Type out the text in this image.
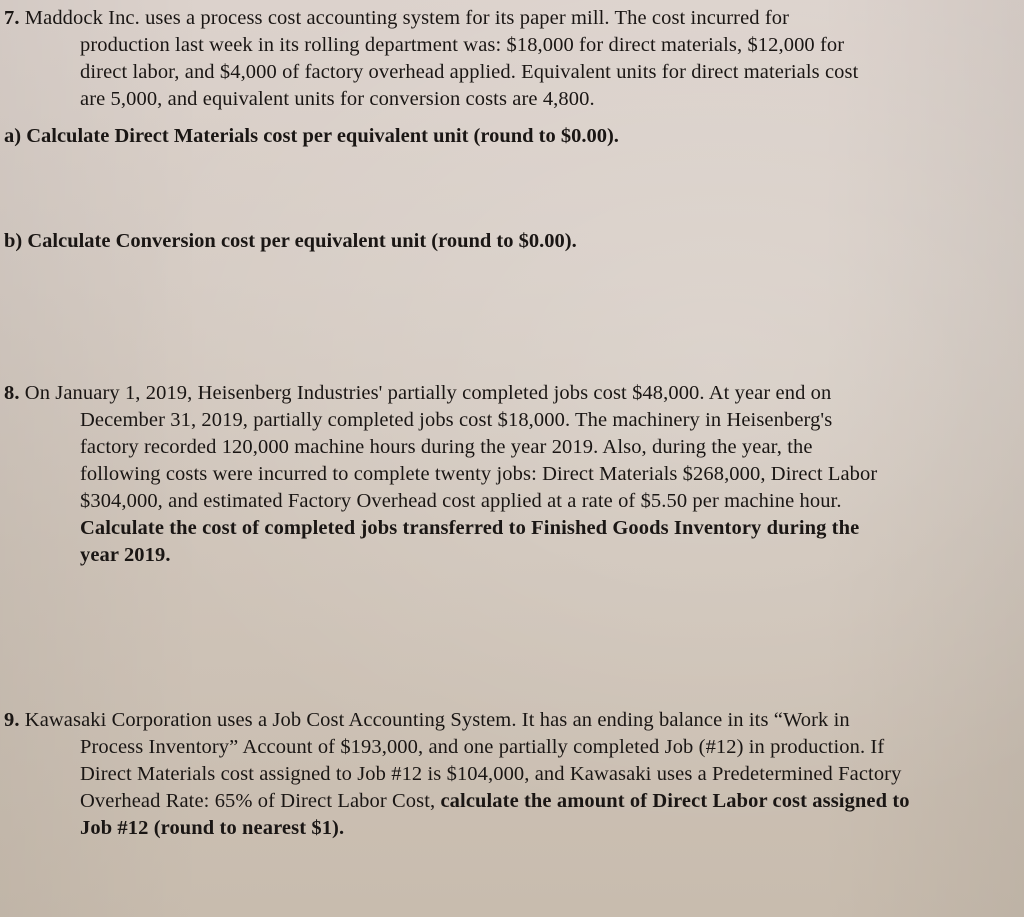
7. Maddock Inc. uses a process cost accounting system for its paper mill. The cost incurred for
production last week in its rolling department was: $18,000 for direct materials, $12,000 for
direct labor, and $4,000 of factory overhead applied. Equivalent units for direct materials cost
are 5,000, and equivalent units for conversion costs are 4,800.
a) Calculate Direct Materials cost per equivalent unit (round to $0.00).
b) Calculate Conversion cost per equivalent unit (round to $0.00).
8. On January 1, 2019, Heisenberg Industries' partially completed jobs cost $48,000. At year end on
December 31, 2019, partially completed jobs cost $18,000. The machinery in Heisenberg's
factory recorded 120,000 machine hours during the year 2019. Also, during the year, the
following costs were incurred to complete twenty jobs: Direct Materials $268,000, Direct Labor
$304,000, and estimated Factory Overhead cost applied at a rate of $5.50 per machine hour.
Calculate the cost of completed jobs transferred to Finished Goods Inventory during the
year 2019.
9. Kawasaki Corporation uses a Job Cost Accounting System. It has an ending balance in its “Work in
Process Inventory” Account of $193,000, and one partially completed Job (#12) in production. If
Direct Materials cost assigned to Job #12 is $104,000, and Kawasaki uses a Predetermined Factory
Overhead Rate: 65% of Direct Labor Cost, calculate the amount of Direct Labor cost assigned to
Job #12 (round to nearest $1).
